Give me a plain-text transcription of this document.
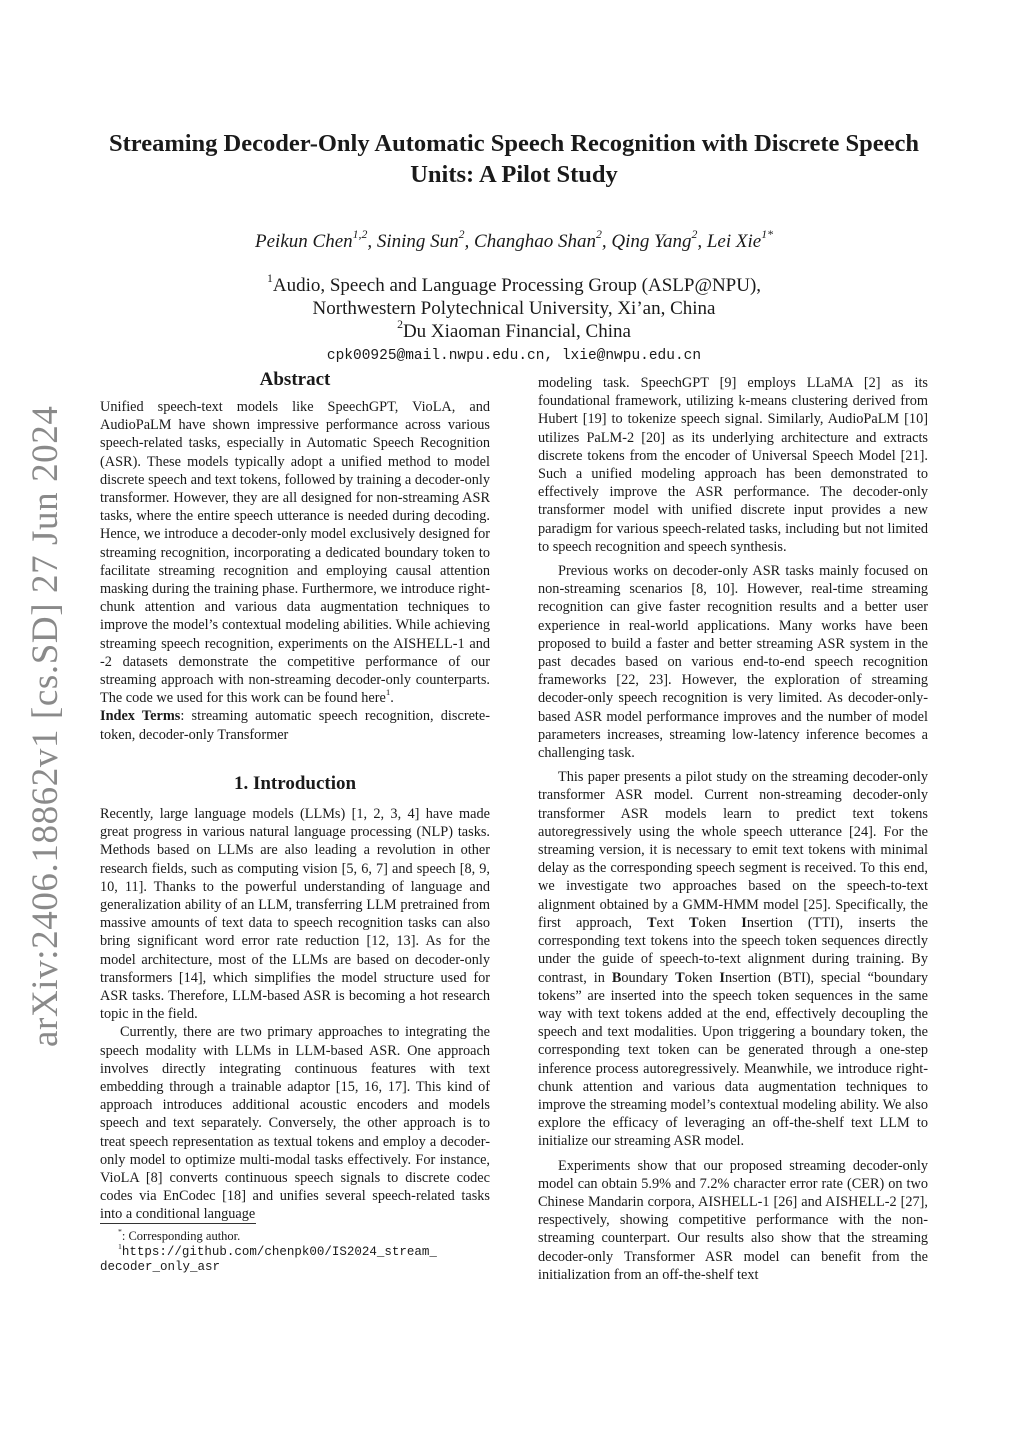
arXiv:2406.18862v1 [cs.SD] 27 Jun 2024
Streaming Decoder-Only Automatic Speech Recognition with Discrete Speech Units: A Pilot Study
Peikun Chen$^{1,2}$, Sining Sun$^2$, Changhao Shan$^2$, Qing Yang$^2$, Lei Xie$^{1*}$
$^1$Audio, Speech and Language Processing Group (ASLP@NPU),
Northwestern Polytechnical University, Xi’an, China
$^2$Du Xiaoman Financial, China
cpk00925@mail.nwpu.edu.cn, lxie@nwpu.edu.cn
Abstract

Unified speech-text models like SpeechGPT, VioLA, and AudioPaLM have shown impressive performance across various speech-related tasks, especially in Automatic Speech Recognition (ASR). These models typically adopt a unified method to model discrete speech and text tokens, followed by training a decoder-only transformer. However, they are all designed for non-streaming ASR tasks, where the entire speech utterance is needed during decoding. Hence, we introduce a decoder-only model exclusively designed for streaming recognition, incorporating a dedicated boundary token to facilitate streaming recognition and employing causal attention masking during the training phase. Furthermore, we introduce right-chunk attention and various data augmentation techniques to improve the model’s contextual modeling abilities. While achieving streaming speech recognition, experiments on the AISHELL-1 and -2 datasets demonstrate the competitive performance of our streaming approach with non-streaming decoder-only counterparts. The code we used for this work can be found here$^1$.

Index Terms: streaming automatic speech recognition, discrete-token, decoder-only Transformer

1. Introduction

Recently, large language models (LLMs) [1, 2, 3, 4] have made great progress in various natural language processing (NLP) tasks. Methods based on LLMs are also leading a revolution in other research fields, such as computing vision [5, 6, 7] and speech [8, 9, 10, 11]. Thanks to the powerful understanding of language and generalization ability of an LLM, transferring LLM pretrained from massive amounts of text data to speech recognition tasks can also bring significant word error rate reduction [12, 13]. As for the model architecture, most of the LLMs are based on decoder-only transformers [14], which simplifies the model structure used for ASR tasks. Therefore, LLM-based ASR is becoming a hot research topic in the field.

Currently, there are two primary approaches to integrating the speech modality with LLMs in LLM-based ASR. One approach involves directly integrating continuous features with text embedding through a trainable adaptor [15, 16, 17]. This kind of approach introduces additional acoustic encoders and models speech and text separately. Conversely, the other approach is to treat speech representation as textual tokens and employ a decoder-only model to optimize multi-modal tasks effectively. For instance, VioLA [8] converts continuous speech signals to discrete codec codes via EnCodec [18] and unifies several speech-related tasks into a conditional language

*: Corresponding author.
$^1$https://github.com/chenpk00/IS2024_stream_
decoder_only_asr

modeling task. SpeechGPT [9] employs LLaMA [2] as its foundational framework, utilizing k-means clustering derived from Hubert [19] to tokenize speech signal. Similarly, AudioPaLM [10] utilizes PaLM-2 [20] as its underlying architecture and extracts discrete tokens from the encoder of Universal Speech Model [21]. Such a unified modeling approach has been demonstrated to effectively improve the ASR performance. The decoder-only transformer model with unified discrete input provides a new paradigm for various speech-related tasks, including but not limited to speech recognition and speech synthesis.

Previous works on decoder-only ASR tasks mainly focused on non-streaming scenarios [8, 10]. However, real-time streaming recognition can give faster recognition results and a better user experience in real-world applications. Many works have been proposed to build a faster and better streaming ASR system in the past decades based on various end-to-end speech recognition frameworks [22, 23]. However, the exploration of streaming decoder-only speech recognition is very limited. As decoder-only-based ASR model performance improves and the number of model parameters increases, streaming low-latency inference becomes a challenging task.

This paper presents a pilot study on the streaming decoder-only transformer ASR model. Current non-streaming decoder-only transformer ASR models learn to predict text tokens autoregressively using the whole speech utterance [24]. For the streaming version, it is necessary to emit text tokens with minimal delay as the corresponding speech segment is received. To this end, we investigate two approaches based on the speech-to-text alignment obtained by a GMM-HMM model [25]. Specifically, the first approach, Text Token Insertion (TTI), inserts the corresponding text tokens into the speech token sequences directly under the guide of speech-to-text alignment during training. By contrast, in Boundary Token Insertion (BTI), special “boundary tokens” are inserted into the speech token sequences in the same way with text tokens added at the end, effectively decoupling the speech and text modalities. Upon triggering a boundary token, the corresponding text token can be generated through a one-step inference process autoregressively. Meanwhile, we introduce right-chunk attention and various data augmentation techniques to improve the streaming model’s contextual modeling ability. We also explore the efficacy of leveraging an off-the-shelf text LLM to initialize our streaming ASR model.

Experiments show that our proposed streaming decoder-only model can obtain 5.9% and 7.2% character error rate (CER) on two Chinese Mandarin corpora, AISHELL-1 [26] and AISHELL-2 [27], respectively, showing competitive performance with the non-streaming counterpart. Our results also show that the streaming decoder-only Transformer ASR model can benefit from the initialization from an off-the-shelf text
